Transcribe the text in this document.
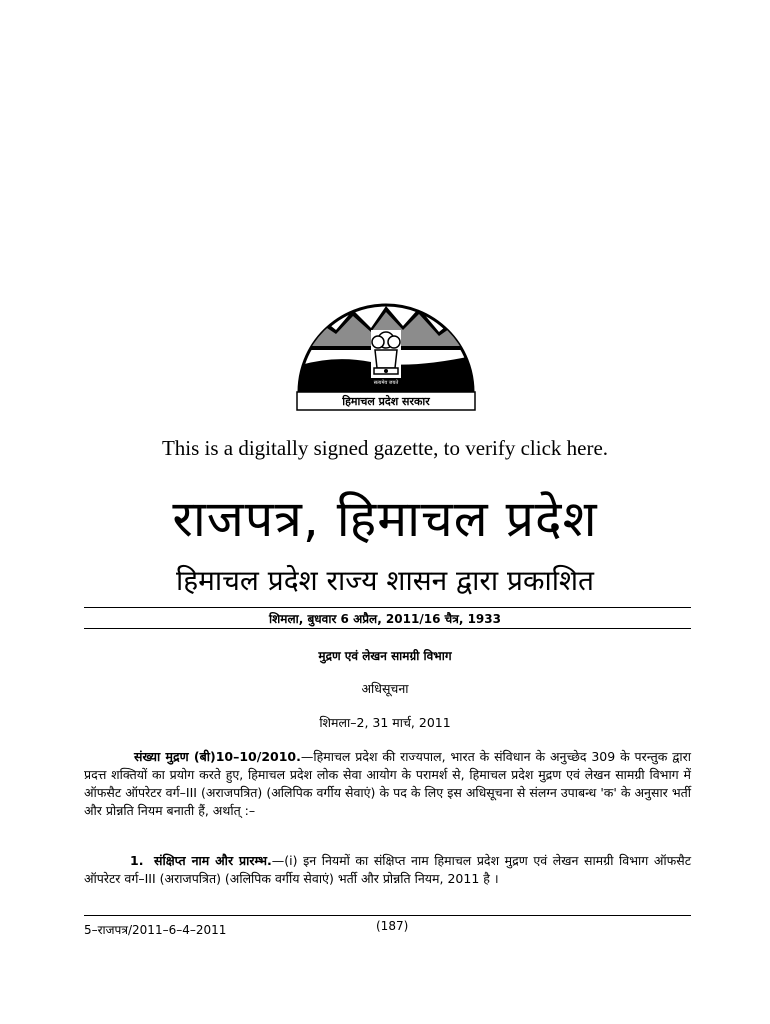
सत्यमेव जयते
हिमाचल प्रदेश सरकार
This is a digitally signed gazette, to verify click here.
राजपत्र, हिमाचल प्रदेश
हिमाचल प्रदेश राज्य शासन द्वारा प्रकाशित
शिमला, बुधवार 6 अप्रैल, 2011/16 चैत्र, 1933
मुद्रण एवं लेखन सामग्री विभाग
अधिसूचना
शिमला–2, 31 मार्च, 2011
संख्या मुद्रण (बी)10–10/2010.—हिमाचल प्रदेश की राज्यपाल, भारत के संविधान के अनुच्छेद 309 के परन्तुक द्वारा प्रदत्त शक्तियों का प्रयोग करते हुए, हिमाचल प्रदेश लोक सेवा आयोग के परामर्श से, हिमाचल प्रदेश मुद्रण एवं लेखन सामग्री विभाग में ऑफसैट ऑपरेटर वर्ग–III (अराजपत्रित) (अलिपिक वर्गीय सेवाएं) के पद के लिए इस अधिसूचना से संलग्न उपाबन्ध 'क' के अनुसार भर्ती और प्रोन्नति नियम बनाती हैं, अर्थात् :–
1. संक्षिप्त नाम और प्रारम्भ.—(i) इन नियमों का संक्षिप्त नाम हिमाचल प्रदेश मुद्रण एवं लेखन सामग्री विभाग ऑफसैट ऑपरेटर वर्ग–III (अराजपत्रित) (अलिपिक वर्गीय सेवाएं) भर्ती और प्रोन्नति नियम, 2011 है ।
5–राजपत्र/2011–6–4–2011	(187)
